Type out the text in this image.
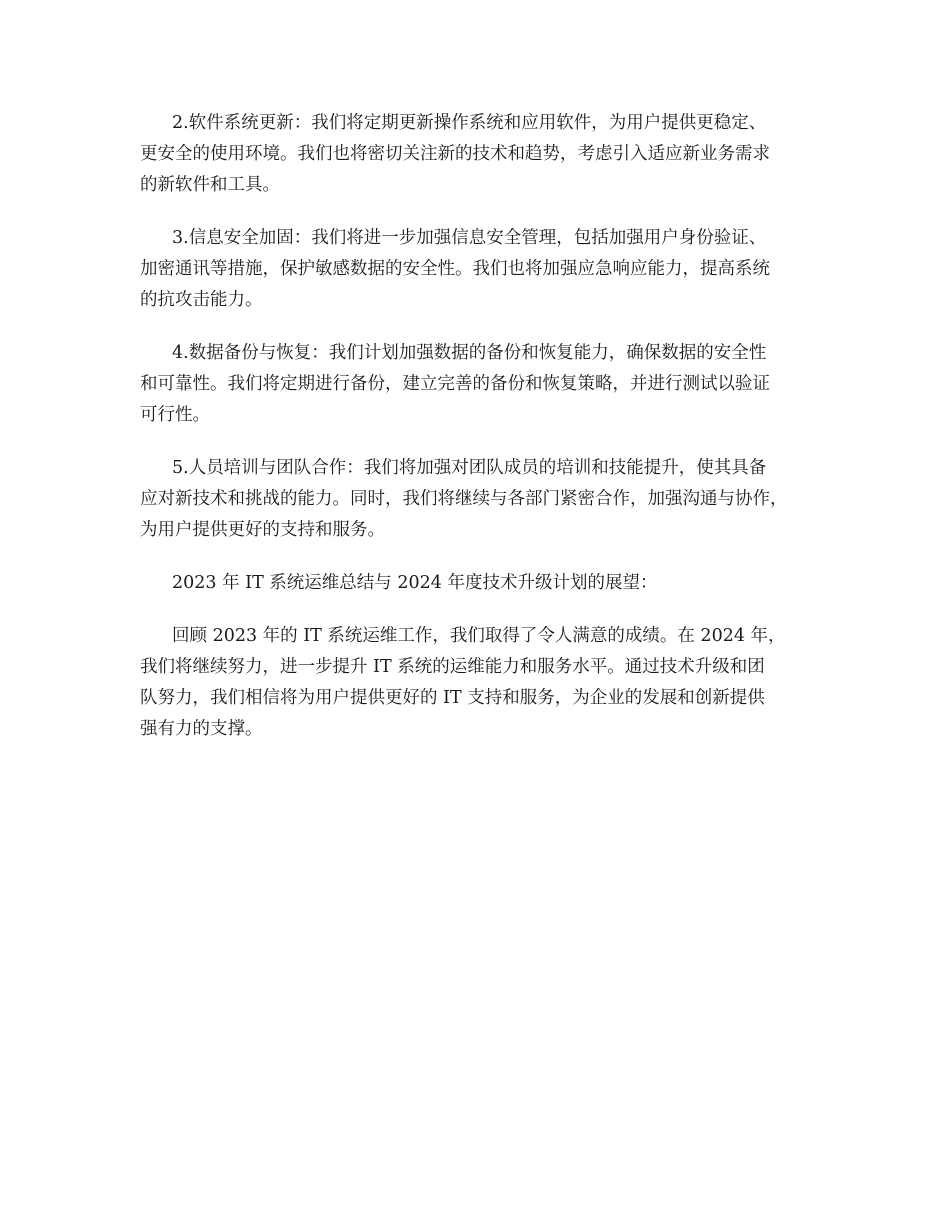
2.软件系统更新：我们将定期更新操作系统和应用软件，为用户提供更稳定、
更安全的使用环境。我们也将密切关注新的技术和趋势，考虑引入适应新业务需求
的新软件和工具。

3.信息安全加固：我们将进一步加强信息安全管理，包括加强用户身份验证、
加密通讯等措施，保护敏感数据的安全性。我们也将加强应急响应能力，提高系统
的抗攻击能力。

4.数据备份与恢复：我们计划加强数据的备份和恢复能力，确保数据的安全性
和可靠性。我们将定期进行备份，建立完善的备份和恢复策略，并进行测试以验证
可行性。

5.人员培训与团队合作：我们将加强对团队成员的培训和技能提升，使其具备
应对新技术和挑战的能力。同时，我们将继续与各部门紧密合作，加强沟通与协作，
为用户提供更好的支持和服务。

2023 年 IT 系统运维总结与 2024 年度技术升级计划的展望：

回顾 2023 年的 IT 系统运维工作，我们取得了令人满意的成绩。在 2024 年，
我们将继续努力，进一步提升 IT 系统的运维能力和服务水平。通过技术升级和团
队努力，我们相信将为用户提供更好的 IT 支持和服务，为企业的发展和创新提供
强有力的支撑。
